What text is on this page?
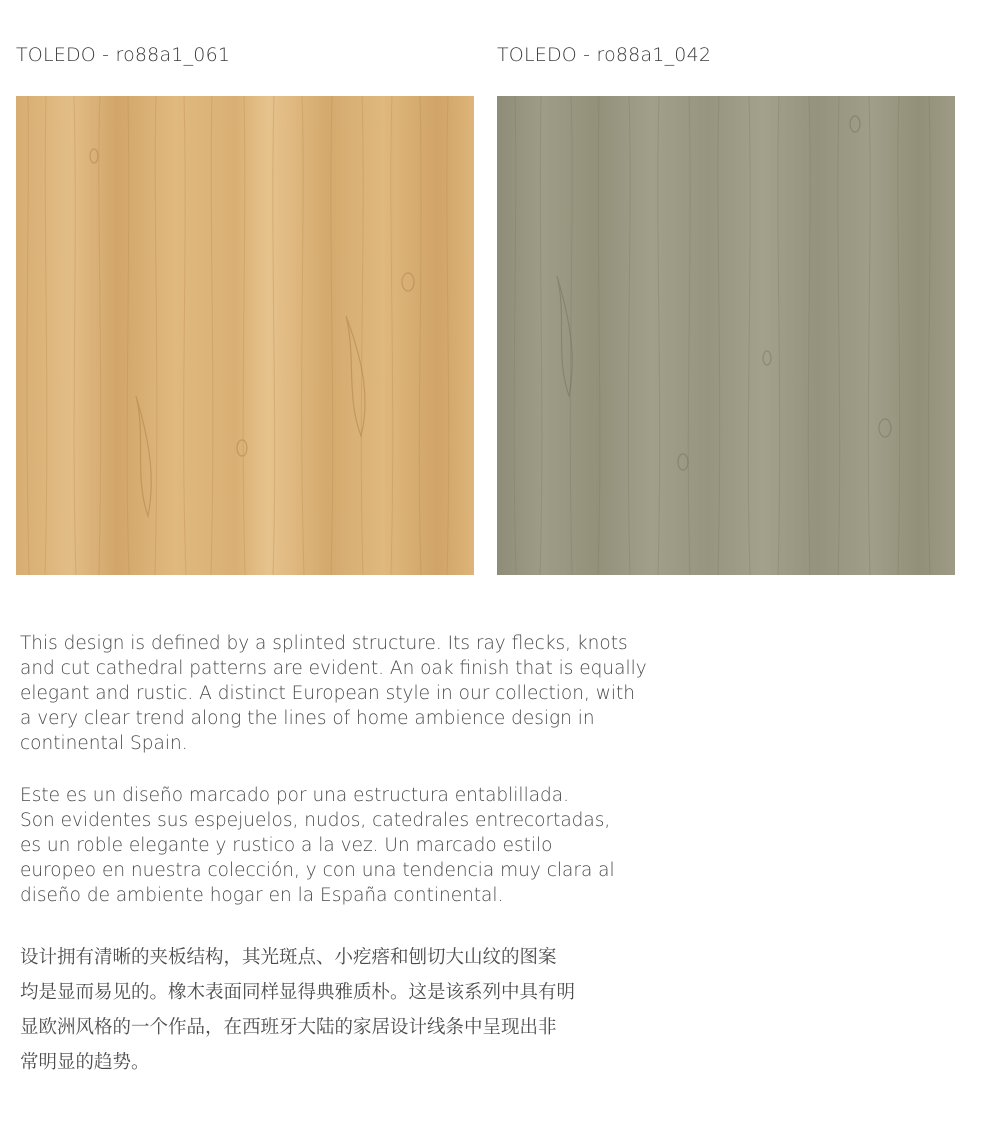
TOLEDO - ro88a1_061	TOLEDO - ro88a1_042
This design is defined by a splinted structure. Its ray flecks, knots
and cut cathedral patterns are evident. An oak finish that is equally
elegant and rustic. A distinct European style in our collection, with
a very clear trend along the lines of home ambience design in
continental Spain.
Este es un diseño marcado por una estructura entablillada.
Son evidentes sus espejuelos, nudos, catedrales entrecortadas,
es un roble elegante y rustico a la vez. Un marcado estilo
europeo en nuestra colección, y con una tendencia muy clara al
diseño de ambiente hogar en la España continental.
设计拥有清晰的夹板结构，其光斑点、小疙瘩和刨切大山纹的图案
均是显而易见的。橡木表面同样显得典雅质朴。这是该系列中具有明
显欧洲风格的一个作品，在西班牙大陆的家居设计线条中呈现出非
常明显的趋势。
